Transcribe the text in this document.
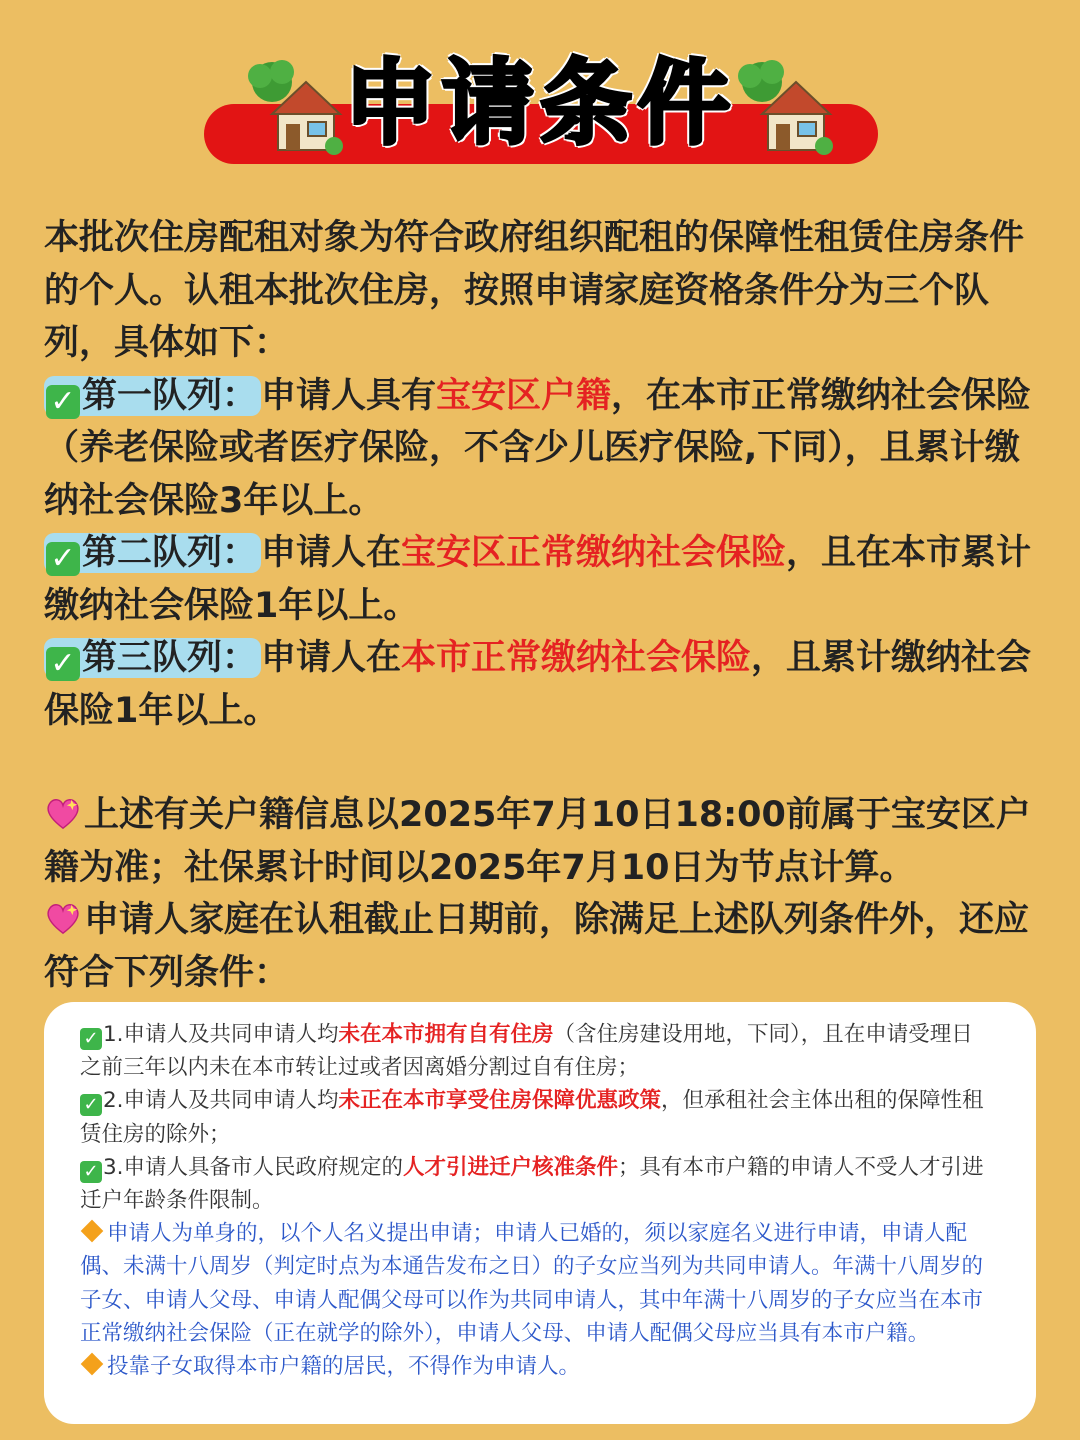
申请条件

本批次住房配租对象为符合政府组织配租的保障性租赁住房条件的个人。认租本批次住房，按照申请家庭资格条件分为三个队列，具体如下：

✓ 第一队列： 申请人具有宝安区户籍，在本市正常缴纳社会保险（养老保险或者医疗保险，不含少儿医疗保险,下同），且累计缴纳社会保险3年以上。

✓ 第二队列： 申请人在宝安区正常缴纳社会保险，且在本市累计缴纳社会保险1年以上。

✓ 第三队列： 申请人在本市正常缴纳社会保险，且累计缴纳社会保险1年以上。

上述有关户籍信息以2025年7月10日18:00前属于宝安区户籍为准；社保累计时间以2025年7月10日为节点计算。

申请人家庭在认租截止日期前，除满足上述队列条件外，还应符合下列条件：

✓ 1.申请人及共同申请人均未在本市拥有自有住房（含住房建设用地，下同），且在申请受理日之前三年以内未在本市转让过或者因离婚分割过自有住房；

✓ 2.申请人及共同申请人均未正在本市享受住房保障优惠政策，但承租社会主体出租的保障性租赁住房的除外；

✓ 3.申请人具备市人民政府规定的人才引进迁户核准条件；具有本市户籍的申请人不受人才引进迁户年龄条件限制。

申请人为单身的，以个人名义提出申请；申请人已婚的，须以家庭名义进行申请，申请人配偶、未满十八周岁（判定时点为本通告发布之日）的子女应当列为共同申请人。年满十八周岁的子女、申请人父母、申请人配偶父母可以作为共同申请人，其中年满十八周岁的子女应当在本市正常缴纳社会保险（正在就学的除外），申请人父母、申请人配偶父母应当具有本市户籍。

投靠子女取得本市户籍的居民，不得作为申请人。
